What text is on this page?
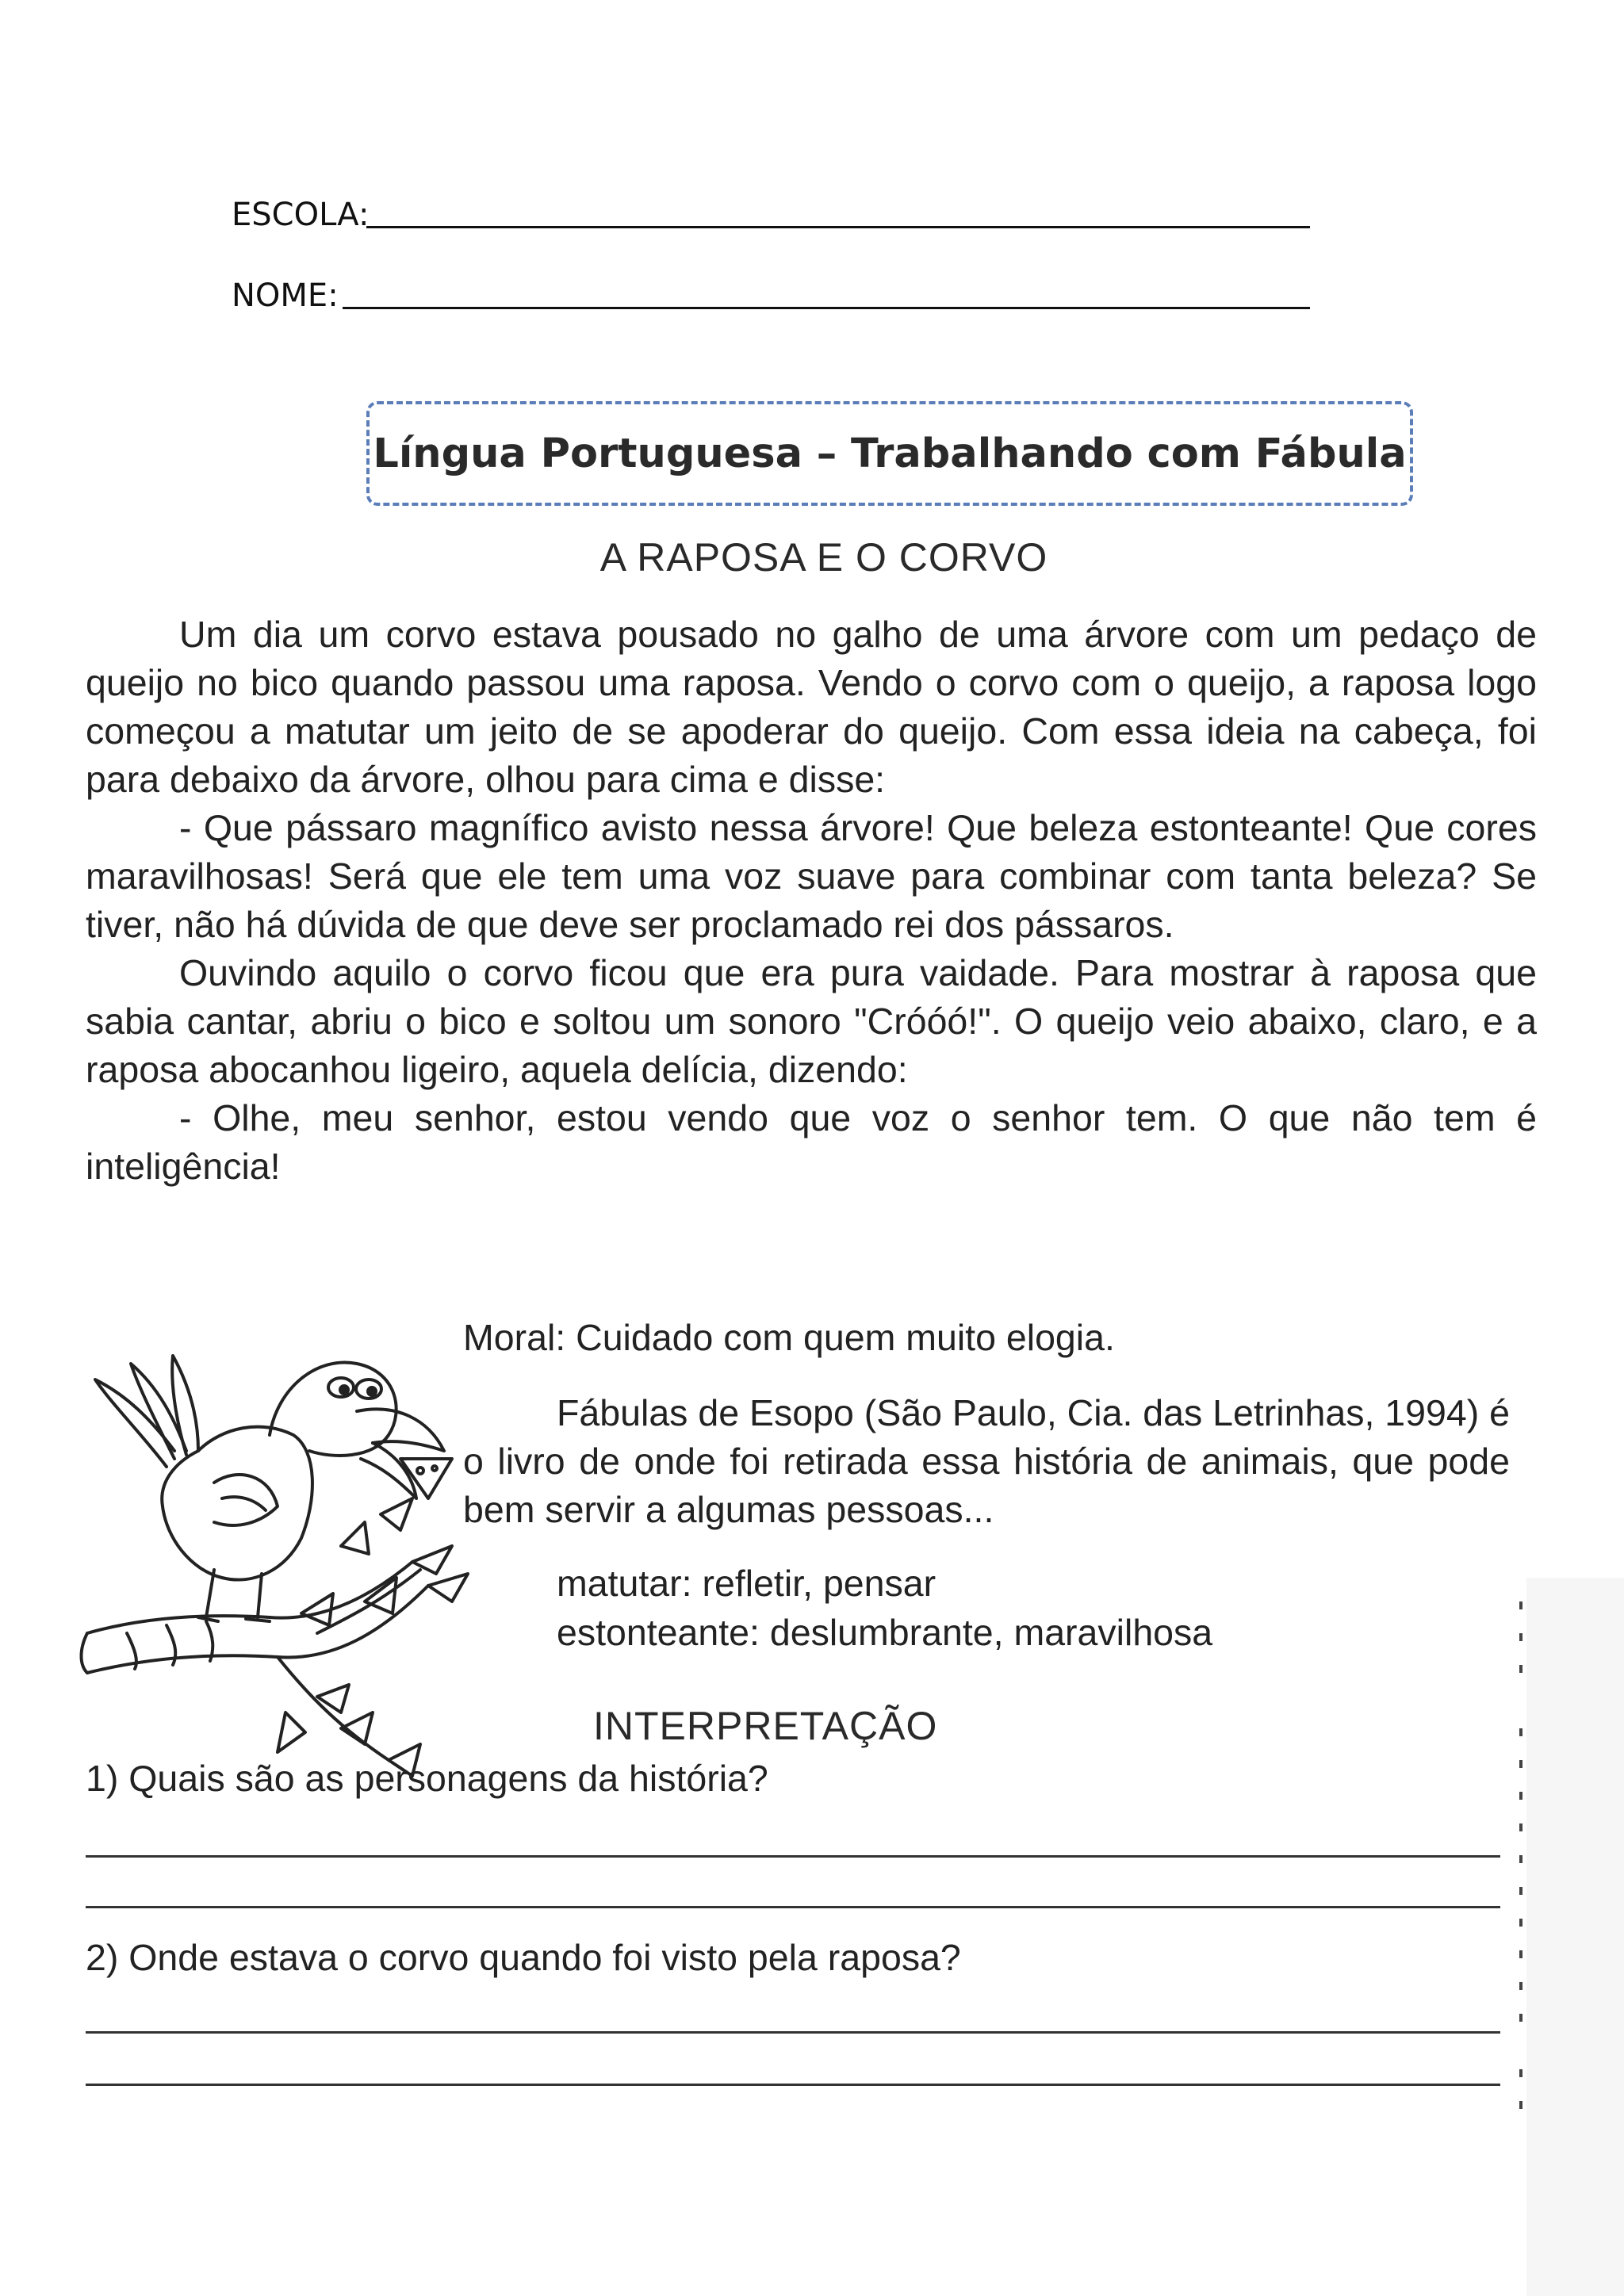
ESCOLA:
NOME:
Língua Portuguesa – Trabalhando com Fábula
A RAPOSA E O CORVO

Um dia um corvo estava pousado no galho de uma árvore com um pedaço de queijo no bico quando passou uma raposa. Vendo o corvo com o queijo, a raposa logo começou a matutar um jeito de se apoderar do queijo. Com essa ideia na cabeça, foi para debaixo da árvore, olhou para cima e disse:

- Que pássaro magnífico avisto nessa árvore! Que beleza estonteante! Que cores maravilhosas! Será que ele tem uma voz suave para combinar com tanta beleza? Se tiver, não há dúvida de que deve ser proclamado rei dos pássaros.

Ouvindo aquilo o corvo ficou que era pura vaidade. Para mostrar à raposa que sabia cantar, abriu o bico e soltou um sonoro "Cróóó!". O queijo veio abaixo, claro, e a raposa abocanhou ligeiro, aquela delícia, dizendo:

- Olhe, meu senhor, estou vendo que voz o senhor tem. O que não tem é inteligência!

Moral: Cuidado com quem muito elogia.
Fábulas de Esopo (São Paulo, Cia. das Letrinhas, 1994) é o livro de onde foi retirada essa história de animais, que pode bem servir a algumas pessoas...
matutar: refletir, pensar
estonteante: deslumbrante, maravilhosa
INTERPRETAÇÃO
1) Quais são as personagens da história?
2) Onde estava o corvo quando foi visto pela raposa?
